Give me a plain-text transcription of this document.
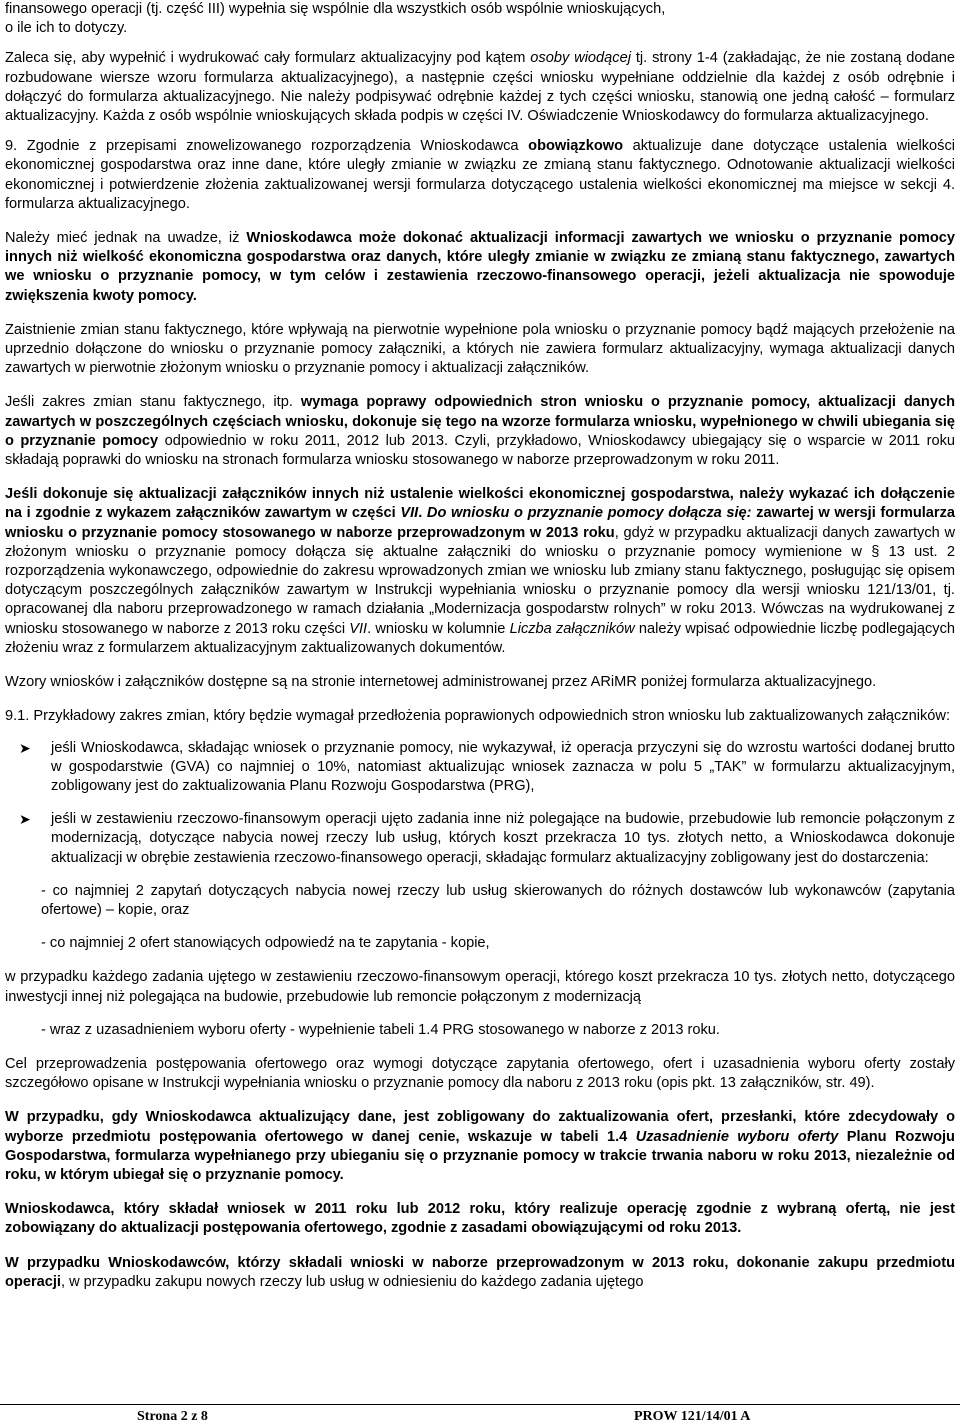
finansowego operacji (tj. część III) wypełnia się wspólnie dla wszystkich osób wspólnie wnioskujących,
o ile ich to dotyczy.

Zaleca się, aby wypełnić i wydrukować cały formularz aktualizacyjny pod kątem osoby wiodącej tj. strony 1-4 (zakładając, że nie zostaną dodane rozbudowane wiersze wzoru formularza aktualizacyjnego), a następnie części wniosku wypełniane oddzielnie dla każdej z osób odrębnie i dołączyć do formularza aktualizacyjnego. Nie należy podpisywać odrębnie każdej z tych części wniosku, stanowią one jedną całość – formularz aktualizacyjny. Każda z osób wspólnie wnioskujących składa podpis w części IV. Oświadczenie Wnioskodawcy do formularza aktualizacyjnego.

9. Zgodnie z przepisami znowelizowanego rozporządzenia Wnioskodawca obowiązkowo aktualizuje dane dotyczące ustalenia wielkości ekonomicznej gospodarstwa oraz inne dane, które uległy zmianie w związku ze zmianą stanu faktycznego. Odnotowanie aktualizacji wielkości ekonomicznej i potwierdzenie złożenia zaktualizowanej wersji formularza dotyczącego ustalenia wielkości ekonomicznej ma miejsce w sekcji 4. formularza aktualizacyjnego.

Należy mieć jednak na uwadze, iż Wnioskodawca może dokonać aktualizacji informacji zawartych we wniosku o przyznanie pomocy innych niż wielkość ekonomiczna gospodarstwa oraz danych, które uległy zmianie w związku ze zmianą stanu faktycznego, zawartych we wniosku o przyznanie pomocy, w tym celów i zestawienia rzeczowo-finansowego operacji, jeżeli aktualizacja nie spowoduje zwiększenia kwoty pomocy.

Zaistnienie zmian stanu faktycznego, które wpływają na pierwotnie wypełnione pola wniosku o przyznanie pomocy bądź mających przełożenie na uprzednio dołączone do wniosku o przyznanie pomocy załączniki, a których nie zawiera formularz aktualizacyjny, wymaga aktualizacji danych zawartych w pierwotnie złożonym wniosku o przyznanie pomocy i aktualizacji załączników.

Jeśli zakres zmian stanu faktycznego, itp. wymaga poprawy odpowiednich stron wniosku o przyznanie pomocy, aktualizacji danych zawartych w poszczególnych częściach wniosku, dokonuje się tego na wzorze formularza wniosku, wypełnionego w chwili ubiegania się o przyznanie pomocy odpowiednio w roku 2011, 2012 lub 2013. Czyli, przykładowo, Wnioskodawcy ubiegający się o wsparcie w 2011 roku składają poprawki do wniosku na stronach formularza wniosku stosowanego w naborze przeprowadzonym w roku 2011.

Jeśli dokonuje się aktualizacji załączników innych niż ustalenie wielkości ekonomicznej gospodarstwa, należy wykazać ich dołączenie na i zgodnie z wykazem załączników zawartym w części VII. Do wniosku o przyznanie pomocy dołącza się: zawartej w wersji formularza wniosku o przyznanie pomocy stosowanego w naborze przeprowadzonym w 2013 roku, gdyż w przypadku aktualizacji danych zawartych w złożonym wniosku o przyznanie pomocy dołącza się aktualne załączniki do wniosku o przyznanie pomocy wymienione w § 13 ust. 2 rozporządzenia wykonawczego, odpowiednie do zakresu wprowadzonych zmian we wniosku lub zmiany stanu faktycznego, posługując się opisem dotyczącym poszczególnych załączników zawartym w Instrukcji wypełniania wniosku o przyznanie pomocy dla wersji wniosku 121/13/01, tj. opracowanej dla naboru przeprowadzonego w ramach działania „Modernizacja gospodarstw rolnych” w roku 2013. Wówczas na wydrukowanej z wniosku stosowanego w naborze z 2013 roku części VII. wniosku w kolumnie Liczba załączników należy wpisać odpowiednie liczbę podlegających złożeniu wraz z formularzem aktualizacyjnym zaktualizowanych dokumentów.

Wzory wniosków i załączników dostępne są na stronie internetowej administrowanej przez ARiMR poniżej formularza aktualizacyjnego.

9.1. Przykładowy zakres zmian, który będzie wymagał przedłożenia poprawionych odpowiednich stron wniosku lub zaktualizowanych załączników:

➤ jeśli Wnioskodawca, składając wniosek o przyznanie pomocy, nie wykazywał, iż operacja przyczyni się do wzrostu wartości dodanej brutto w gospodarstwie (GVA) co najmniej o 10%, natomiast aktualizując wniosek zaznacza w polu 5 „TAK” w formularzu aktualizacyjnym, zobligowany jest do zaktualizowania Planu Rozwoju Gospodarstwa (PRG),

➤ jeśli w zestawieniu rzeczowo-finansowym operacji ujęto zadania inne niż polegające na budowie, przebudowie lub remoncie połączonym z modernizacją, dotyczące nabycia nowej rzeczy lub usług, których koszt przekracza 10 tys. złotych netto, a Wnioskodawca dokonuje aktualizacji w obrębie zestawienia rzeczowo-finansowego operacji, składając formularz aktualizacyjny zobligowany jest do dostarczenia:

- co najmniej 2 zapytań dotyczących nabycia nowej rzeczy lub usług skierowanych do różnych dostawców lub wykonawców (zapytania ofertowe) – kopie, oraz

- co najmniej 2 ofert stanowiących odpowiedź na te zapytania - kopie,

w przypadku każdego zadania ujętego w zestawieniu rzeczowo-finansowym operacji, którego koszt przekracza 10 tys. złotych netto, dotyczącego inwestycji innej niż polegająca na budowie, przebudowie lub remoncie połączonym z modernizacją

- wraz z uzasadnieniem wyboru oferty - wypełnienie tabeli 1.4 PRG stosowanego w naborze z 2013 roku.

Cel przeprowadzenia postępowania ofertowego oraz wymogi dotyczące zapytania ofertowego, ofert i uzasadnienia wyboru oferty zostały szczegółowo opisane w Instrukcji wypełniania wniosku o przyznanie pomocy dla naboru z 2013 roku (opis pkt. 13 załączników, str. 49).

W przypadku, gdy Wnioskodawca aktualizujący dane, jest zobligowany do zaktualizowania ofert, przesłanki, które zdecydowały o wyborze przedmiotu postępowania ofertowego w danej cenie, wskazuje w tabeli 1.4 Uzasadnienie wyboru oferty Planu Rozwoju Gospodarstwa, formularza wypełnianego przy ubieganiu się o przyznanie pomocy w trakcie trwania naboru w roku 2013, niezależnie od roku, w którym ubiegał się o przyznanie pomocy.

Wnioskodawca, który składał wniosek w 2011 roku lub 2012 roku, który realizuje operację zgodnie z wybraną ofertą, nie jest zobowiązany do aktualizacji postępowania ofertowego, zgodnie z zasadami obowiązującymi od roku 2013.

W przypadku Wnioskodawców, którzy składali wnioski w naborze przeprowadzonym w 2013 roku, dokonanie zakupu przedmiotu operacji, w przypadku zakupu nowych rzeczy lub usług w odniesieniu do każdego zadania ujętego

Strona 2 z 8	PROW 121/14/01 A
